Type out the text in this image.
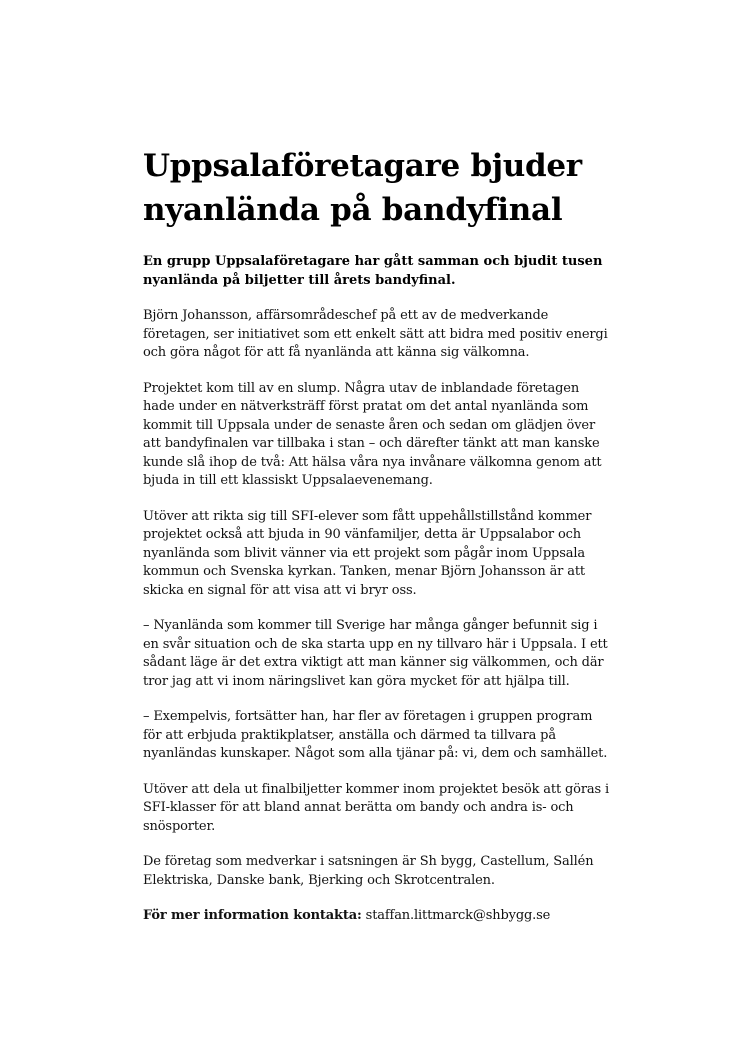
Uppsalaföretagare bjuder nyanlända på bandyfinal

En grupp Uppsalaföretagare har gått samman och bjudit tusen nyanlända på biljetter till årets bandyfinal.

Björn Johansson, affärsområdeschef på ett av de medverkande företagen, ser initiativet som ett enkelt sätt att bidra med positiv energi och göra något för att få nyanlända att känna sig välkomna.

Projektet kom till av en slump. Några utav de inblandade företagen hade under en nätverksträff först pratat om det antal nyanlända som kommit till Uppsala under de senaste åren och sedan om glädjen över att bandyfinalen var tillbaka i stan – och därefter tänkt att man kanske kunde slå ihop de två: Att hälsa våra nya invånare välkomna genom att bjuda in till ett klassiskt Uppsalaevenemang.

Utöver att rikta sig till SFI-elever som fått uppehållstillstånd kommer projektet också att bjuda in 90 vänfamiljer, detta är Uppsalabor och nyanlända som blivit vänner via ett projekt som pågår inom Uppsala kommun och Svenska kyrkan. Tanken, menar Björn Johansson är att skicka en signal för att visa att vi bryr oss.

– Nyanlända som kommer till Sverige har många gånger befunnit sig i en svår situation och de ska starta upp en ny tillvaro här i Uppsala. I ett sådant läge är det extra viktigt att man känner sig välkommen, och där tror jag att vi inom näringslivet kan göra mycket för att hjälpa till.

– Exempelvis, fortsätter han, har fler av företagen i gruppen program för att erbjuda praktikplatser, anställa och därmed ta tillvara på nyanländas kunskaper. Något som alla tjänar på: vi, dem och samhället.

Utöver att dela ut finalbiljetter kommer inom projektet besök att göras i SFI-klasser för att bland annat berätta om bandy och andra is- och snösporter.

De företag som medverkar i satsningen är Sh bygg, Castellum, Sallén Elektriska, Danske bank, Bjerking och Skrotcentralen.

För mer information kontakta: staffan.littmarck@shbygg.se
